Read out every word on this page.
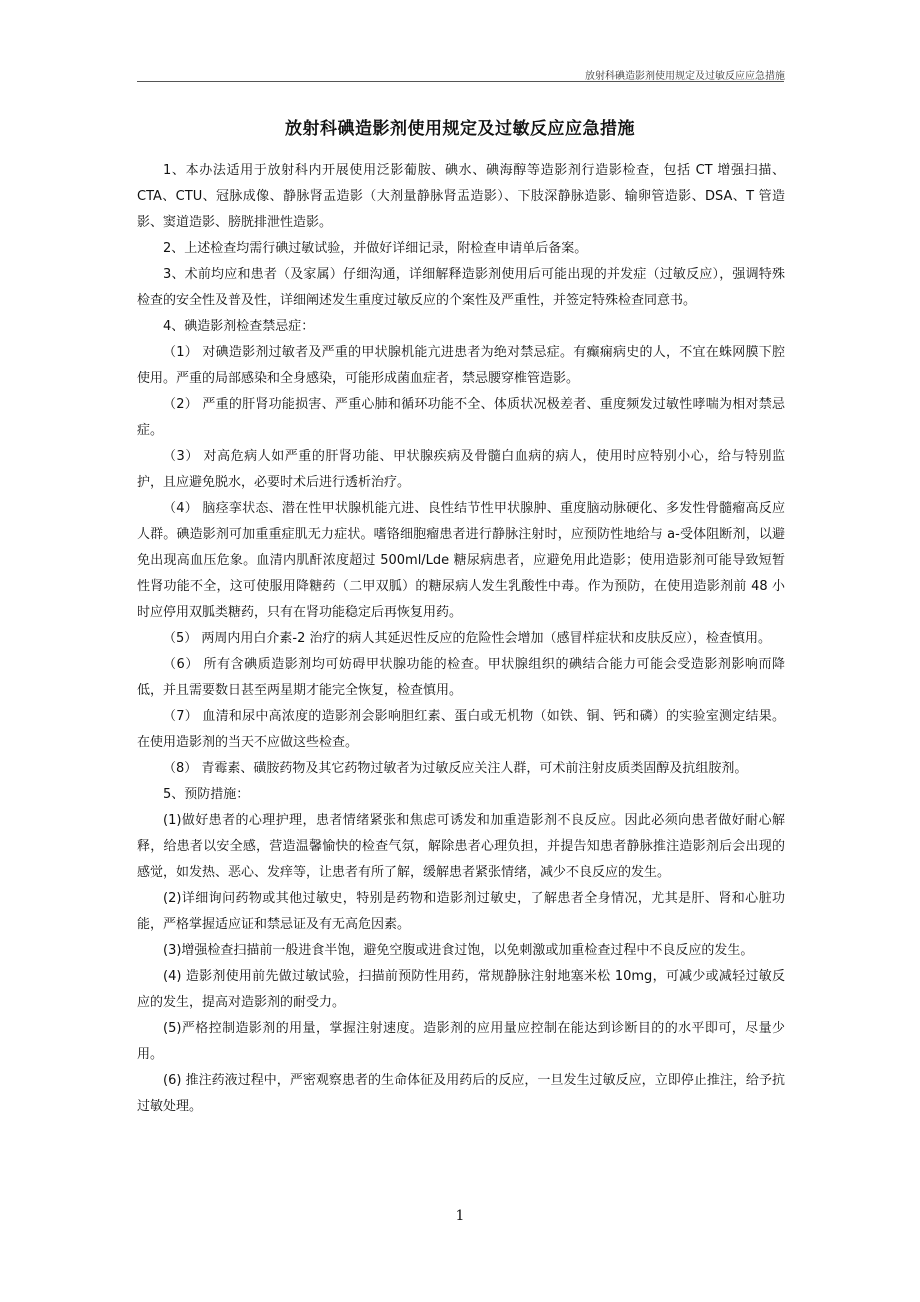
放射科碘造影剂使用规定及过敏反应应急措施
放射科碘造影剂使用规定及过敏反应应急措施

1、本办法适用于放射科内开展使用泛影葡胺、碘水、碘海醇等造影剂行造影检查，包括 CT 增强扫描、CTA、CTU、冠脉成像、静脉肾盂造影（大剂量静脉肾盂造影）、下肢深静脉造影、输卵管造影、DSA、T 管造影、窦道造影、膀胱排泄性造影。

2、上述检查均需行碘过敏试验，并做好详细记录，附检查申请单后备案。

3、术前均应和患者（及家属）仔细沟通，详细解释造影剂使用后可能出现的并发症（过敏反应），强调特殊检查的安全性及普及性，详细阐述发生重度过敏反应的个案性及严重性，并签定特殊检查同意书。

4、碘造影剂检查禁忌症：

（1） 对碘造影剂过敏者及严重的甲状腺机能亢进患者为绝对禁忌症。有癫痫病史的人，不宜在蛛网膜下腔使用。严重的局部感染和全身感染，可能形成菌血症者，禁忌腰穿椎管造影。

（2） 严重的肝肾功能损害、严重心肺和循环功能不全、体质状况极差者、重度频发过敏性哮喘为相对禁忌症。

（3） 对高危病人如严重的肝肾功能、甲状腺疾病及骨髓白血病的病人，使用时应特别小心，给与特别监护，且应避免脱水，必要时术后进行透析治疗。

（4） 脑痉挛状态、潜在性甲状腺机能亢进、良性结节性甲状腺肿、重度脑动脉硬化、多发性骨髓瘤高反应人群。碘造影剂可加重重症肌无力症状。嗜铬细胞瘤患者进行静脉注射时，应预防性地给与 a-受体阻断剂，以避免出现高血压危象。血清内肌酐浓度超过 500ml/Lde 糖尿病患者，应避免用此造影；使用造影剂可能导致短暂性肾功能不全，这可使服用降糖药（二甲双胍）的糖尿病人发生乳酸性中毒。作为预防，在使用造影剂前 48 小时应停用双胍类糖药，只有在肾功能稳定后再恢复用药。

（5） 两周内用白介素-2 治疗的病人其延迟性反应的危险性会增加（感冒样症状和皮肤反应），检查慎用。

（6） 所有含碘质造影剂均可妨碍甲状腺功能的检查。甲状腺组织的碘结合能力可能会受造影剂影响而降低，并且需要数日甚至两星期才能完全恢复，检查慎用。

（7） 血清和尿中高浓度的造影剂会影响胆红素、蛋白或无机物（如铁、铜、钙和磷）的实验室测定结果。在使用造影剂的当天不应做这些检查。

（8） 青霉素、磺胺药物及其它药物过敏者为过敏反应关注人群，可术前注射皮质类固醇及抗组胺剂。

5、预防措施：

(1)做好患者的心理护理，患者情绪紧张和焦虑可诱发和加重造影剂不良反应。因此必须向患者做好耐心解释，给患者以安全感，营造温馨愉快的检查气氛，解除患者心理负担，并提告知患者静脉推注造影剂后会出现的感觉，如发热、恶心、发痒等，让患者有所了解，缓解患者紧张情绪，减少不良反应的发生。

(2)详细询问药物或其他过敏史，特别是药物和造影剂过敏史，了解患者全身情况，尤其是肝、肾和心脏功能，严格掌握适应证和禁忌证及有无高危因素。

(3)增强检查扫描前一般进食半饱，避免空腹或进食过饱，以免刺激或加重检查过程中不良反应的发生。

(4) 造影剂使用前先做过敏试验，扫描前预防性用药，常规静脉注射地塞米松 10mg，可减少或减轻过敏反应的发生，提高对造影剂的耐受力。

(5)严格控制造影剂的用量，掌握注射速度。造影剂的应用量应控制在能达到诊断目的的水平即可，尽量少用。

(6) 推注药液过程中，严密观察患者的生命体征及用药后的反应，一旦发生过敏反应，立即停止推注，给予抗过敏处理。

1
